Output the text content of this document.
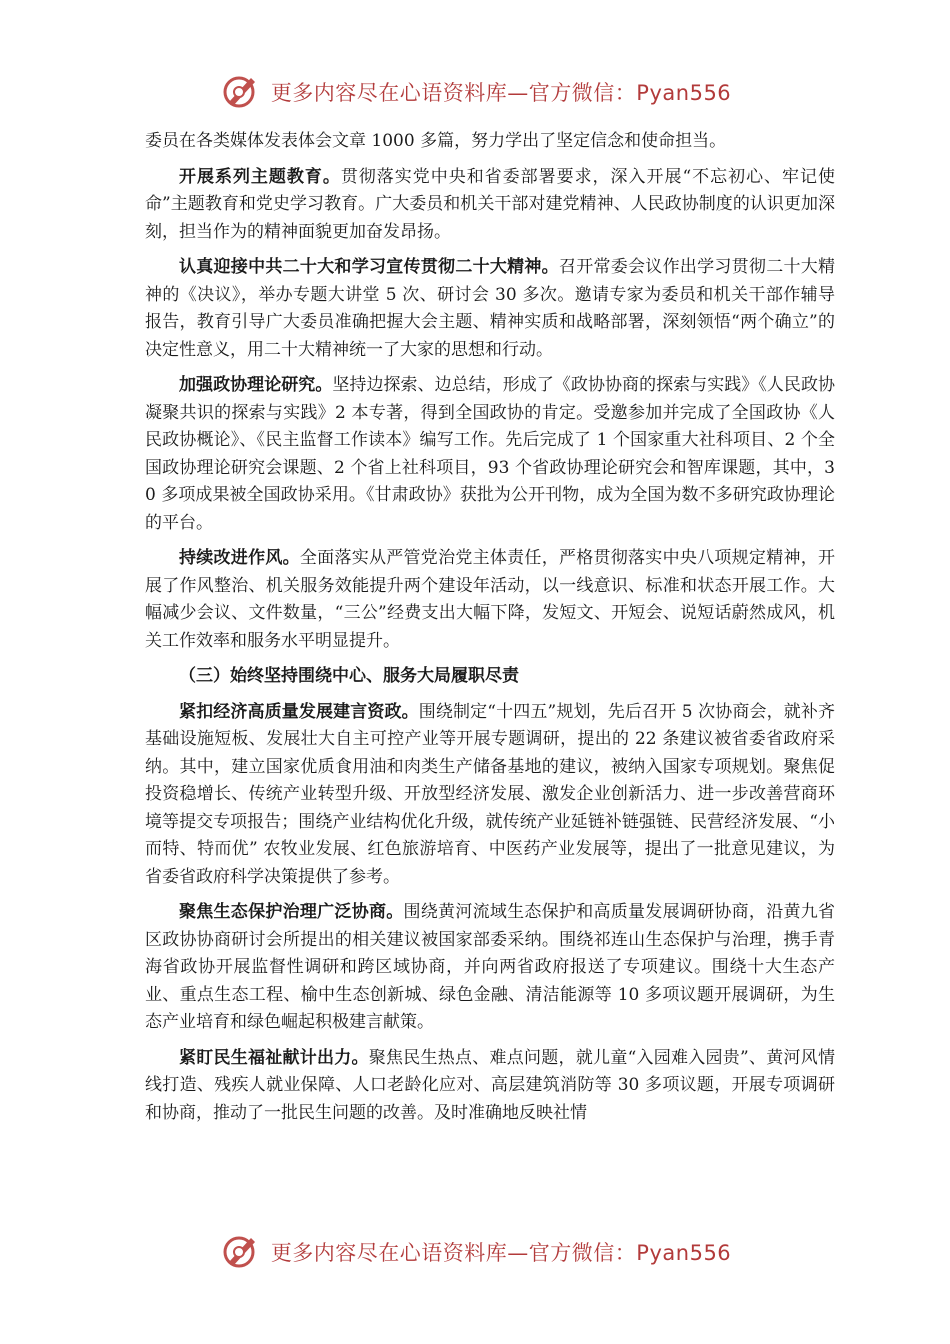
更多内容尽在心语资料库—官方微信：Pyan556

委员在各类媒体发表体会文章 1000 多篇，努力学出了坚定信念和使命担当。

开展系列主题教育。贯彻落实党中央和省委部署要求，深入开展“不忘初心、牢记使命”主题教育和党史学习教育。广大委员和机关干部对建党精神、人民政协制度的认识更加深刻，担当作为的精神面貌更加奋发昂扬。

认真迎接中共二十大和学习宣传贯彻二十大精神。召开常委会议作出学习贯彻二十大精神的《决议》，举办专题大讲堂 5 次、研讨会 30 多次。邀请专家为委员和机关干部作辅导报告，教育引导广大委员准确把握大会主题、精神实质和战略部署，深刻领悟“两个确立”的决定性意义，用二十大精神统一了大家的思想和行动。

加强政协理论研究。坚持边探索、边总结，形成了《政协协商的探索与实践》《人民政协凝聚共识的探索与实践》2 本专著，得到全国政协的肯定。受邀参加并完成了全国政协《人民政协概论》、《民主监督工作读本》编写工作。先后完成了 1 个国家重大社科项目、2 个全国政协理论研究会课题、2 个省上社科项目，93 个省政协理论研究会和智库课题，其中，30 多项成果被全国政协采用。《甘肃政协》获批为公开刊物，成为全国为数不多研究政协理论的平台。

持续改进作风。全面落实从严管党治党主体责任，严格贯彻落实中央八项规定精神，开展了作风整治、机关服务效能提升两个建设年活动，以一线意识、标准和状态开展工作。大幅减少会议、文件数量，“三公”经费支出大幅下降，发短文、开短会、说短话蔚然成风，机关工作效率和服务水平明显提升。

（三）始终坚持围绕中心、服务大局履职尽责

紧扣经济高质量发展建言资政。围绕制定“十四五”规划，先后召开 5 次协商会，就补齐基础设施短板、发展壮大自主可控产业等开展专题调研，提出的 22 条建议被省委省政府采纳。其中，建立国家优质食用油和肉类生产储备基地的建议，被纳入国家专项规划。聚焦促投资稳增长、传统产业转型升级、开放型经济发展、激发企业创新活力、进一步改善营商环境等提交专项报告；围绕产业结构优化升级，就传统产业延链补链强链、民营经济发展、“小而特、特而优” 农牧业发展、红色旅游培育、中医药产业发展等，提出了一批意见建议，为省委省政府科学决策提供了参考。

聚焦生态保护治理广泛协商。围绕黄河流域生态保护和高质量发展调研协商，沿黄九省区政协协商研讨会所提出的相关建议被国家部委采纳。围绕祁连山生态保护与治理，携手青海省政协开展监督性调研和跨区域协商，并向两省政府报送了专项建议。围绕十大生态产业、重点生态工程、榆中生态创新城、绿色金融、清洁能源等 10 多项议题开展调研，为生态产业培育和绿色崛起积极建言献策。

紧盯民生福祉献计出力。聚焦民生热点、难点问题，就儿童“入园难入园贵”、黄河风情线打造、残疾人就业保障、人口老龄化应对、高层建筑消防等 30 多项议题，开展专项调研和协商，推动了一批民生问题的改善。及时准确地反映社情

更多内容尽在心语资料库—官方微信：Pyan556
